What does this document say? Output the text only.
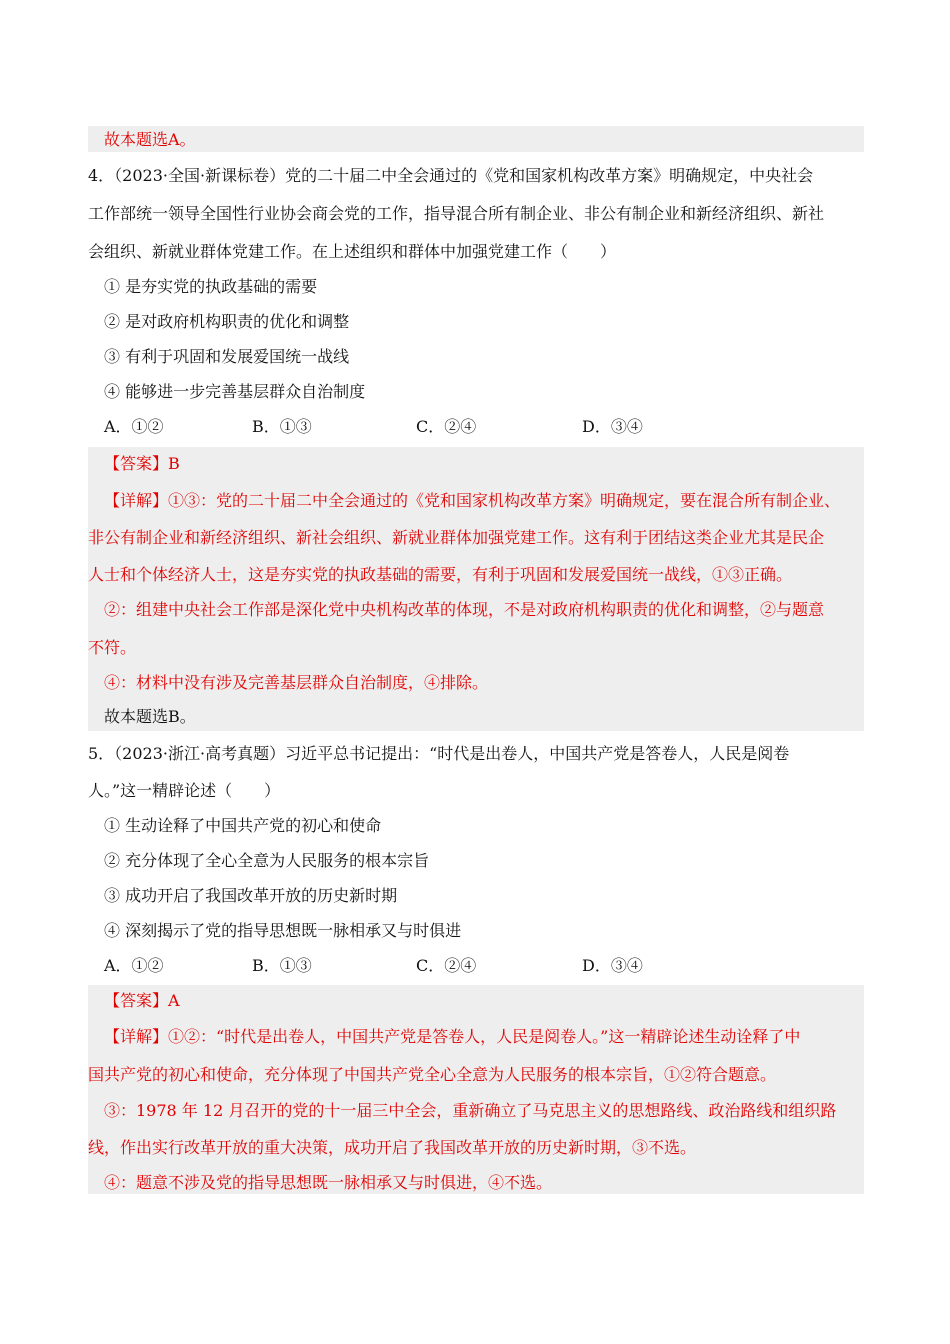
故本题选A。
4．（2023·全国·新课标卷）党的二十届二中全会通过的《党和国家机构改革方案》明确规定，中央社会
工作部统一领导全国性行业协会商会党的工作，指导混合所有制企业、非公有制企业和新经济组织、新社
会组织、新就业群体党建工作。在上述组织和群体中加强党建工作（　　）
① 是夯实党的执政基础的需要
② 是对政府机构职责的优化和调整
③ 有利于巩固和发展爱国统一战线
④ 能够进一步完善基层群众自治制度
A．①②	B．①③	C．②④	D．③④
【答案】B
【详解】①③：党的二十届二中全会通过的《党和国家机构改革方案》明确规定，要在混合所有制企业、
非公有制企业和新经济组织、新社会组织、新就业群体加强党建工作。这有利于团结这类企业尤其是民企
人士和个体经济人士，这是夯实党的执政基础的需要，有利于巩固和发展爱国统一战线，①③正确。
②：组建中央社会工作部是深化党中央机构改革的体现，不是对政府机构职责的优化和调整，②与题意
不符。
④：材料中没有涉及完善基层群众自治制度，④排除。
故本题选B。
5．（2023·浙江·高考真题）习近平总书记提出：“时代是出卷人，中国共产党是答卷人，人民是阅卷
人。”这一精辟论述（　　）
① 生动诠释了中国共产党的初心和使命
② 充分体现了全心全意为人民服务的根本宗旨
③ 成功开启了我国改革开放的历史新时期
④ 深刻揭示了党的指导思想既一脉相承又与时俱进
A．①②	B．①③	C．②④	D．③④
【答案】A
【详解】①②：“时代是出卷人，中国共产党是答卷人，人民是阅卷人。”这一精辟论述生动诠释了中
国共产党的初心和使命，充分体现了中国共产党全心全意为人民服务的根本宗旨，①②符合题意。
③：1978 年 12 月召开的党的十一届三中全会，重新确立了马克思主义的思想路线、政治路线和组织路
线，作出实行改革开放的重大决策，成功开启了我国改革开放的历史新时期，③不选。
④：题意不涉及党的指导思想既一脉相承又与时俱进，④不选。
